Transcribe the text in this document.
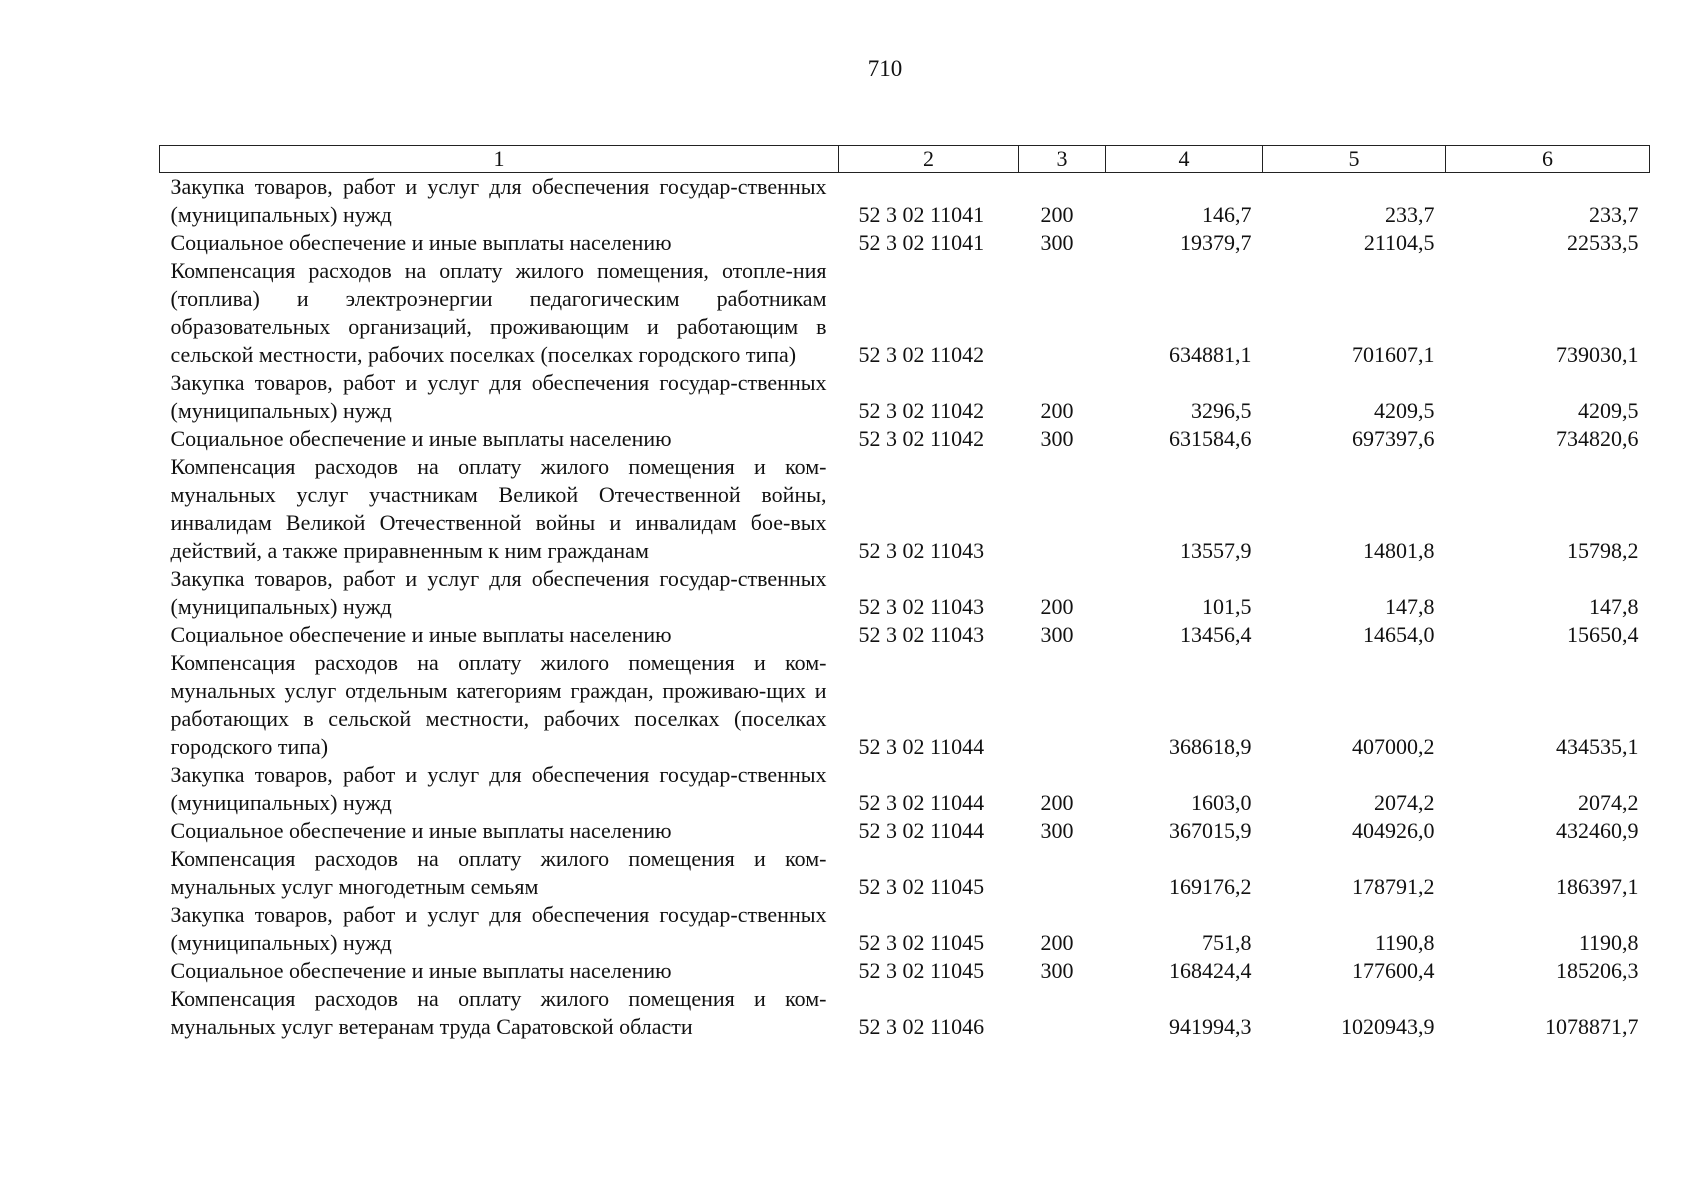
710
1	2	3	4	5	6
Закупка товаров, работ и услуг для обеспечения государ-ственных (муниципальных) нужд	52 3 02 11041	200	146,7	233,7	233,7
Социальное обеспечение и иные выплаты населению	52 3 02 11041	300	19379,7	21104,5	22533,5
Компенсация расходов на оплату жилого помещения, отопле-ния (топлива) и электроэнергии педагогическим работникам образовательных организаций, проживающим и работающим в сельской местности, рабочих поселках (поселках городского типа)	52 3 02 11042		634881,1	701607,1	739030,1
Закупка товаров, работ и услуг для обеспечения государ-ственных (муниципальных) нужд	52 3 02 11042	200	3296,5	4209,5	4209,5
Социальное обеспечение и иные выплаты населению	52 3 02 11042	300	631584,6	697397,6	734820,6
Компенсация расходов на оплату жилого помещения и ком-мунальных услуг участникам Великой Отечественной войны, инвалидам Великой Отечественной войны и инвалидам бое-вых действий, а также приравненным к ним гражданам	52 3 02 11043		13557,9	14801,8	15798,2
Закупка товаров, работ и услуг для обеспечения государ-ственных (муниципальных) нужд	52 3 02 11043	200	101,5	147,8	147,8
Социальное обеспечение и иные выплаты населению	52 3 02 11043	300	13456,4	14654,0	15650,4
Компенсация расходов на оплату жилого помещения и ком-мунальных услуг отдельным категориям граждан, проживаю-щих и работающих в сельской местности, рабочих поселках (поселках городского типа)	52 3 02 11044		368618,9	407000,2	434535,1
Закупка товаров, работ и услуг для обеспечения государ-ственных (муниципальных) нужд	52 3 02 11044	200	1603,0	2074,2	2074,2
Социальное обеспечение и иные выплаты населению	52 3 02 11044	300	367015,9	404926,0	432460,9
Компенсация расходов на оплату жилого помещения и ком-мунальных услуг многодетным семьям	52 3 02 11045		169176,2	178791,2	186397,1
Закупка товаров, работ и услуг для обеспечения государ-ственных (муниципальных) нужд	52 3 02 11045	200	751,8	1190,8	1190,8
Социальное обеспечение и иные выплаты населению	52 3 02 11045	300	168424,4	177600,4	185206,3
Компенсация расходов на оплату жилого помещения и ком-мунальных услуг ветеранам труда Саратовской области	52 3 02 11046		941994,3	1020943,9	1078871,7
